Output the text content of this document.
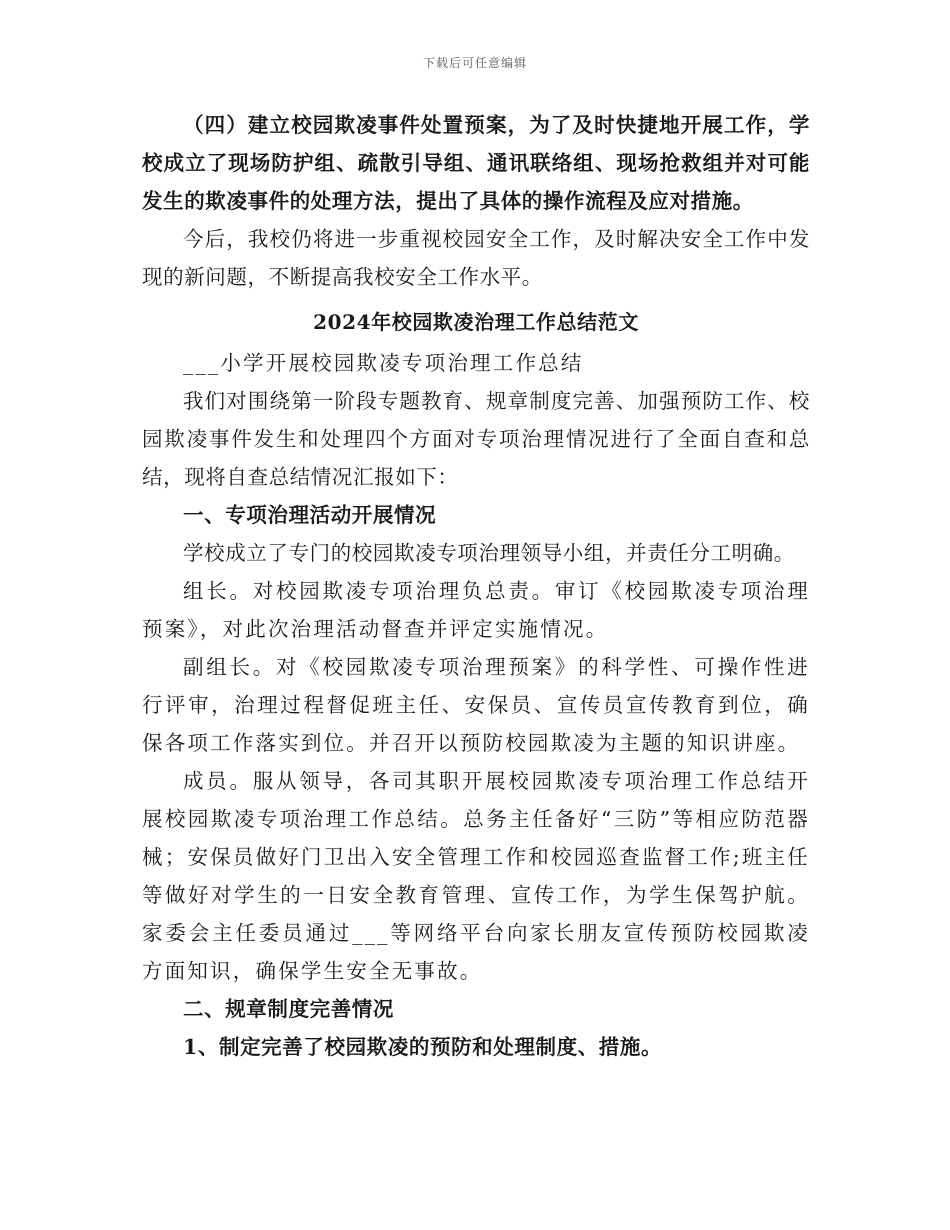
下载后可任意编辑

（四）建立校园欺凌事件处置预案，为了及时快捷地开展工作，学校成立了现场防护组、疏散引导组、通讯联络组、现场抢救组并对可能发生的欺凌事件的处理方法，提出了具体的操作流程及应对措施。

今后，我校仍将进一步重视校园安全工作，及时解决安全工作中发现的新问题，不断提高我校安全工作水平。

2024年校园欺凌治理工作总结范文

___小学开展校园欺凌专项治理工作总结

我们对围绕第一阶段专题教育、规章制度完善、加强预防工作、校园欺凌事件发生和处理四个方面对专项治理情况进行了全面自查和总结，现将自查总结情况汇报如下：

一、专项治理活动开展情况

学校成立了专门的校园欺凌专项治理领导小组，并责任分工明确。

组长。对校园欺凌专项治理负总责。审订《校园欺凌专项治理预案》，对此次治理活动督查并评定实施情况。

副组长。对《校园欺凌专项治理预案》的科学性、可操作性进行评审，治理过程督促班主任、安保员、宣传员宣传教育到位，确保各项工作落实到位。并召开以预防校园欺凌为主题的知识讲座。

成员。服从领导，各司其职开展校园欺凌专项治理工作总结开展校园欺凌专项治理工作总结。总务主任备好“三防”等相应防范器械；安保员做好门卫出入安全管理工作和校园巡查监督工作;班主任等做好对学生的一日安全教育管理、宣传工作，为学生保驾护航。家委会主任委员通过___等网络平台向家长朋友宣传预防校园欺凌方面知识，确保学生安全无事故。

二、规章制度完善情况

1、制定完善了校园欺凌的预防和处理制度、措施。
